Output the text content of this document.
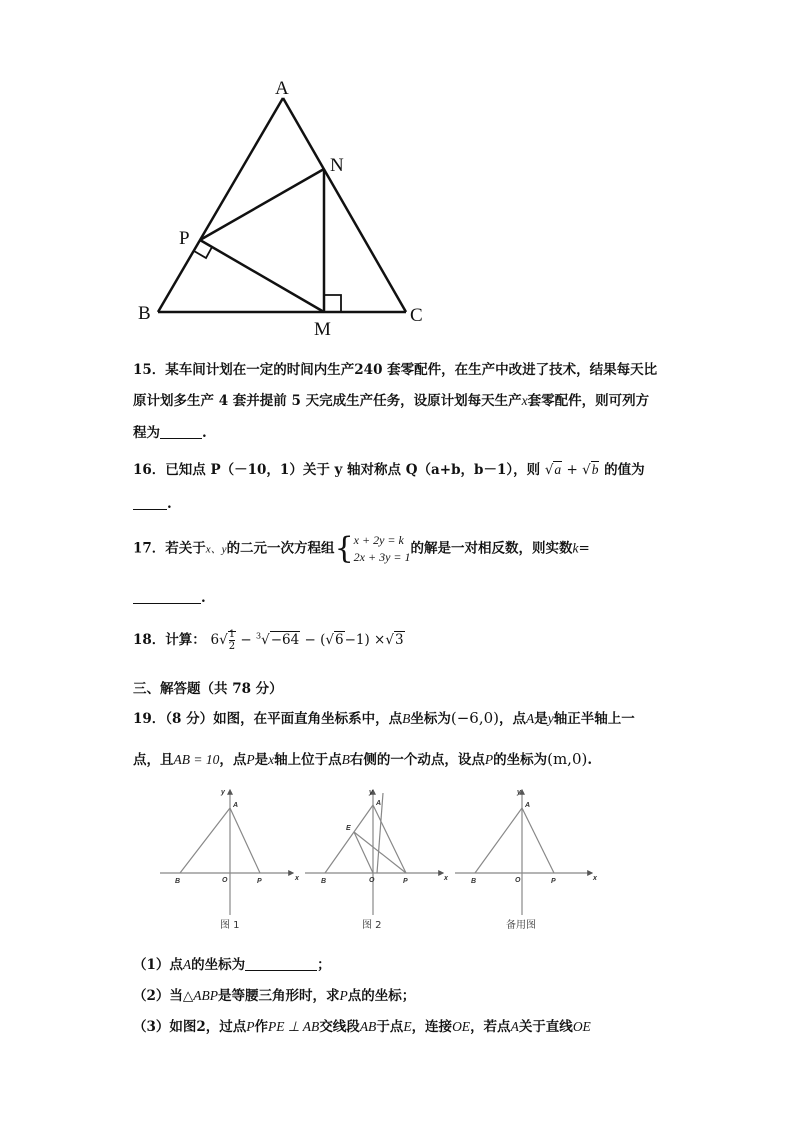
A
N
P
B
M
C
15．某车间计划在一定的时间内生产240 套零配件，在生产中改进了技术，结果每天比
原计划多生产 4 套并提前 5 天完成生产任务，设原计划每天生产x套零配件，则可列方
程为	.
16．已知点 P（－10，1）关于 y 轴对称点 Q（a+b，b－1），则 √a + √b 的值为
.
17．若关于x、y的二元一次方程组{ x + 2y = k
2x + 3y = 1
的解是一对相反数，则实数k=
.
18．计算： $6√ \frac{1}{2} - ^3√-64 - (√6-1) \times√3$
三、解答题（共 78 分）
19．（8 分）如图，在平面直角坐标系中，点B坐标为(−6,0)，点A是y轴正半轴上一
点，且AB = 10，点P是x轴上位于点B右侧的一个动点，设点P的坐标为(m,0).
y
A
B	O	P	x
图 1
y
A
E
B	O	P	x
图 2
y
A
B	O	P	x
备用图
（1）点A的坐标为	；
（2）当△ABP是等腰三角形时，求P点的坐标；
（3）如图2，过点P作PE ⊥ AB交线段AB于点E，连接OE，若点A关于直线OE
